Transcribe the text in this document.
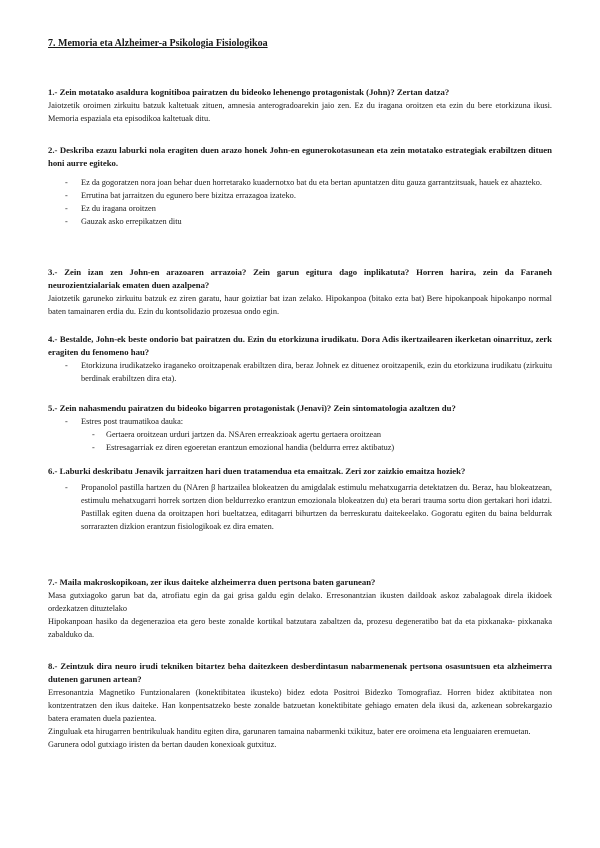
7. Memoria eta Alzheimer-a Psikologia Fisiologikoa

1.- Zein motatako asaldura kognitiboa pairatzen du bideoko lehenengo protagonistak (John)? Zertan datza?

Jaiotzetik oroimen zirkuitu batzuk kaltetuak zituen, amnesia anterogradoarekin jaio zen. Ez du iragana oroitzen eta ezin du bere etorkizuna ikusi. Memoria espaziala eta episodikoa kaltetuak ditu.

2.- Deskriba ezazu laburki nola eragiten duen arazo honek John-en egunerokotasunean eta zein motatako estrategiak erabiltzen dituen honi aurre egiteko.

- Ez da gogoratzen nora joan behar duen horretarako kuadernotxo bat du eta bertan apuntatzen ditu gauza garrantzitsuak, hauek ez ahazteko.
- Errutina bat jarraitzen du egunero bere bizitza errazagoa izateko.
- Ez du iragana oroitzen
- Gauzak asko errepikatzen ditu

3.- Zein izan zen John-en arazoaren arrazoia? Zein garun egitura dago inplikatuta? Horren harira, zein da Faraneh neurozientzialariak ematen duen azalpena?

Jaiotzetik garuneko zirkuitu batzuk ez ziren garatu, haur goiztiar bat izan zelako. Hipokanpoa (bitako ezta bat) Bere hipokanpoak hipokanpo normal baten tamainaren erdia du. Ezin du kontsolidazio prozesua ondo egin.

4.- Bestalde, John-ek beste ondorio bat pairatzen du. Ezin du etorkizuna irudikatu. Dora Adis ikertzailearen ikerketan oinarrituz, zerk eragiten du fenomeno hau?

- Etorkizuna irudikatzeko iraganeko oroitzapenak erabiltzen dira, beraz Johnek ez dituenez oroitzapenik, ezin du etorkizuna irudikatu (zirkuitu berdinak erabiltzen dira eta).

5.- Zein nahasmendu pairatzen du bideoko bigarren protagonistak (Jenavi)? Zein sintomatologia azaltzen du?

- Estres post traumatikoa dauka:
- Gertaera oroitzean urduri jartzen da. NSAren erreakzioak agertu gertaera oroitzean
- Estresagarriak ez diren egoeretan erantzun emozional handia (beldurra errez aktibatuz)

6.- Laburki deskribatu Jenavik jarraitzen hari duen tratamendua eta emaitzak. Zeri zor zaizkio emaitza hoziek?

- Propanolol pastilla hartzen du (NAren β hartzailea blokeatzen du amigdalak estimulu mehatxugarria detektatzen du. Beraz, hau blokeatzean, estimulu mehatxugarri horrek sortzen dion beldurrezko erantzun emozionala blokeatzen du) eta berari trauma sortu dion gertakari hori idatzi. Pastillak egiten duena da oroitzapen hori bueltatzea, editagarri bihurtzen da berreskuratu daitekeelako. Gogoratu egiten du baina beldurrak sorrarazten dizkion erantzun fisiologikoak ez dira ematen.

7.- Maila makroskopikoan, zer ikus daiteke alzheimerra duen pertsona baten garunean?

Masa gutxiagoko garun bat da, atrofiatu egin da gai grisa galdu egin delako. Erresonantzian ikusten daildoak askoz zabalagoak direla ikidoek ordezkatzen dituztelako

Hipokanpoan hasiko da degenerazioa eta gero beste zonalde kortikal batzutara zabaltzen da, prozesu degeneratibo bat da eta pixkanaka- pixkanaka zabalduko da.

8.- Zeintzuk dira neuro irudi tekniken bitartez beha daitezkeen desberdintasun nabarmenenak pertsona osasuntsuen eta alzheimerra dutenen garunen artean?

Erresonantzia Magnetiko Funtzionalaren (konektibitatea ikusteko) bidez edota Positroi Bidezko Tomografiaz. Horren bidez aktibitatea non kontzentratzen den ikus daiteke. Han konpentsatzeko beste zonalde batzuetan konektibitate gehiago ematen dela ikusi da, azkenean sobrekargazio batera eramaten duela pazientea.

Zinguluak eta hirugarren bentrikuluak handitu egiten dira, garunaren tamaina nabarmenki txikituz, bater ere oroimena eta lenguaiaren eremuetan.

Garunera odol gutxiago iristen da bertan dauden konexioak gutxituz.
